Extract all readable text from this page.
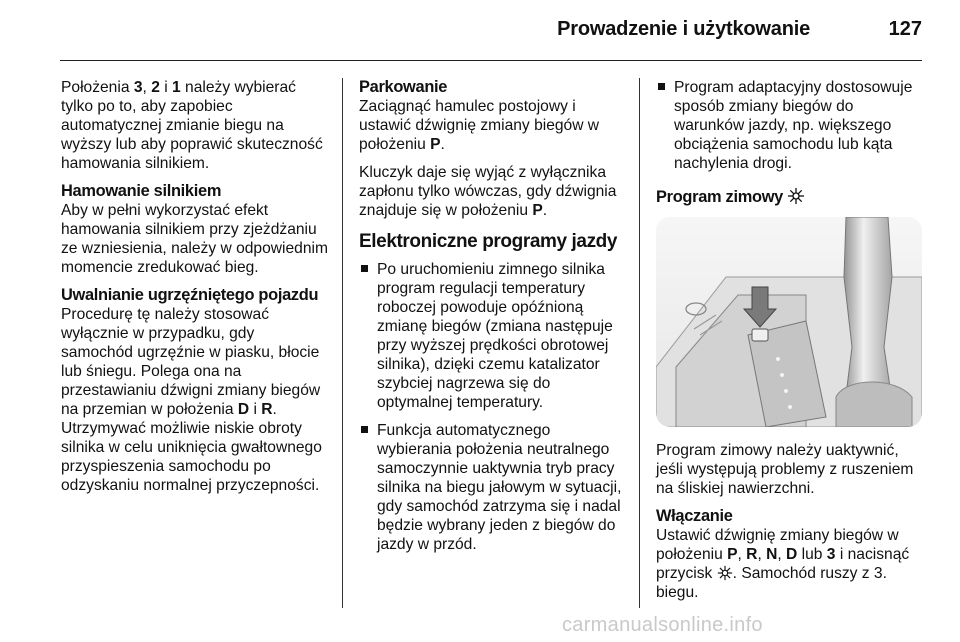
Prowadzenie i użytkowanie	127

Położenia 3, 2 i 1 należy wybierać tylko po to, aby zapobiec automatycznej zmianie biegu na wyższy lub aby poprawić skuteczność hamowania silnikiem.

Hamowanie silnikiem

Aby w pełni wykorzystać efekt hamowania silnikiem przy zjeżdżaniu ze wzniesienia, należy w odpowiednim momencie zredukować bieg.

Uwalnianie ugrzęźniętego pojazdu

Procedurę tę należy stosować wyłącznie w przypadku, gdy samochód ugrzęźnie w piasku, błocie lub śniegu. Polega ona na przestawianiu dźwigni zmiany biegów na przemian w położenia D i R. Utrzymywać możliwie niskie obroty silnika w celu uniknięcia gwałtownego przyspieszenia samochodu po odzyskaniu normalnej przyczepności.

Parkowanie

Zaciągnąć hamulec postojowy i ustawić dźwignię zmiany biegów w położeniu P.

Kluczyk daje się wyjąć z wyłącznika zapłonu tylko wówczas, gdy dźwignia znajduje się w położeniu P.

Elektroniczne programy jazdy
Po uruchomieniu zimnego silnika program regulacji temperatury roboczej powoduje opóźnioną zmianę biegów (zmiana następuje przy wyższej prędkości obrotowej silnika), dzięki czemu katalizator szybciej nagrzewa się do optymalnej temperatury.
Funkcja automatycznego wybierania położenia neutralnego samoczynnie uaktywnia tryb pracy silnika na biegu jałowym w sytuacji, gdy samochód zatrzyma się i nadal będzie wybrany jeden z biegów do jazdy w przód.
Program adaptacyjny dostosowuje sposób zmiany biegów do warunków jazdy, np. większego obciążenia samochodu lub kąta nachylenia drogi.
Program zimowy

Program zimowy należy uaktywnić, jeśli występują problemy z ruszeniem na śliskiej nawierzchni.

Włączanie

Ustawić dźwignię zmiany biegów w położeniu P, R, N, D lub 3 i nacisnąć przycisk . Samochód ruszy z 3. biegu.

carmanualsonline.info
